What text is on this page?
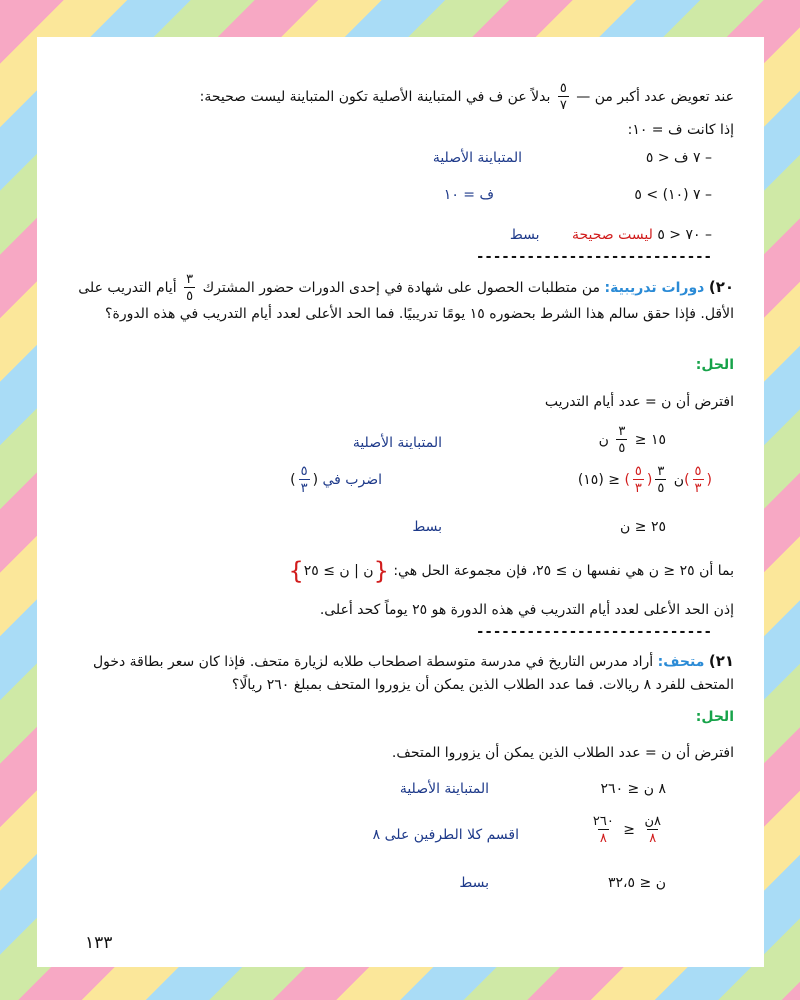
عند تعويض عدد أكبر من —
$\frac{٥}{٧}$
بدلاً عن ف في المتباينة الأصلية تكون المتباينة ليست صحيحة:
إذا كانت ف = ١٠:
– ٧ ف < ٥
المتباينة الأصلية
– ٧ (١٠) > ٥
ف = ١٠
– ٧٠ < ٥ ليست صحيحة بسط
----------------------------
٢٠) دورات تدريبية: من متطلبات الحصول على شهادة في إحدى الدورات حضور المشترك
$\frac{٣}{٥}$
أيام التدريب على الأقل. فإذا حقق سالم هذا الشرط بحضوره ١٥ يومًا تدريبيًا. فما الحد الأعلى لعدد أيام التدريب في هذه الدورة؟
الحل:
افترض أن ن = عدد أيام التدريب
١٥ ≤
$\frac{٣}{٥}$
ن
المتباينة الأصلية
ن
$\frac{٣}{٥}$
(
$\frac{٥}{٣}$
) ≤ (١٥)	( $\frac{٥}{٣}$ )
اضرب في ( $\frac{٥}{٣}$ )
٢٥ ≤ ن
بسط
بما أن ٢٥ ≤ ن هي نفسها ن ≥ ٢٥، فإن مجموعة الحل هي: {ن | ن ≥ ٢٥}
إذن الحد الأعلى لعدد أيام التدريب في هذه الدورة هو ٢٥ يوماً كحد أعلى.
----------------------------
٢١) متحف: أراد مدرس التاريخ في مدرسة متوسطة اصطحاب طلابه لزيارة متحف. فإذا كان سعر بطاقة دخول المتحف للفرد ٨ ريالات. فما عدد الطلاب الذين يمكن أن يزوروا المتحف بمبلغ ٢٦٠ ريالًا؟
الحل:
افترض أن ن = عدد الطلاب الذين يمكن أن يزوروا المتحف.
٨ ن ≤ ٢٦٠
المتباينة الأصلية
$\frac{\text{٨ن}}{٨}$
≤
$\frac{٢٦٠}{٨}$
اقسم كلا الطرفين على ٨
ن ≤ ٣٢،٥
بسط
١٣٣
